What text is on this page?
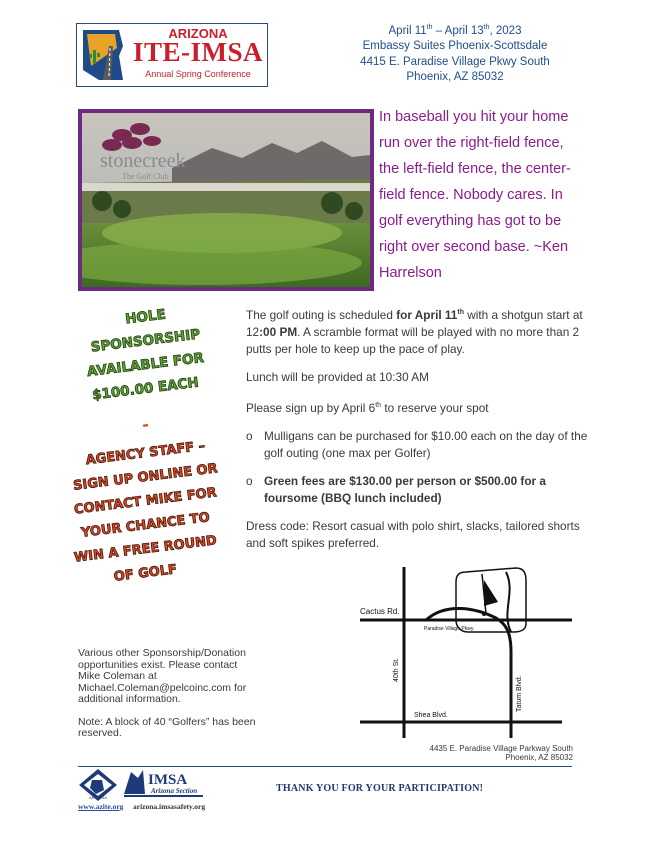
ARIZONA
ITE-IMSA
Annual Spring Conference
April 11th – April 13th, 2023
Embassy Suites Phoenix-Scottsdale
4415 E. Paradise Village Pkwy South
Phoenix, AZ 85032
stonecreek
The Golf Club
In baseball you hit your home run over the right-field fence, the left-field fence, the center-field fence. Nobody cares. In golf everything has got to be right over second base. ~Ken Harrelson
HOLE
SPONSORSHIP
AVAILABLE FOR
$100.00 EACH
-
AGENCY STAFF –
SIGN UP ONLINE OR
CONTACT MIKE FOR
YOUR CHANCE TO
WIN A FREE ROUND
OF GOLF

The golf outing is scheduled for April 11th with a shotgun start at 12:00 PM. A scramble format will be played with no more than 2 putts per hole to keep up the pace of play.

Lunch will be provided at 10:30 AM

Please sign up by April 6th to reserve your spot

o Mulligans can be purchased for $10.00 each on the day of the golf outing (one max per Golfer)
o Green fees are $130.00 per person or $500.00 for a foursome (BBQ lunch included)

Dress code: Resort casual with polo shirt, slacks, tailored shorts and soft spikes preferred.

Various other Sponsorship/Donation opportunities exist. Please contact Mike Coleman at Michael.Coleman@pelcoinc.com for additional information.

Note: A block of 40 “Golfers” has been reserved.

Cactus Rd.
Paradise Village Pkwy.
40th St.
Tatum Blvd.
Shea Blvd.
4435 E. Paradise Village Parkway South
Phoenix, AZ 85032
ARIZONA
IMSA
Arizona Section
www.azite.org arizona.imsasafety.org
THANK YOU FOR YOUR PARTICIPATION!
